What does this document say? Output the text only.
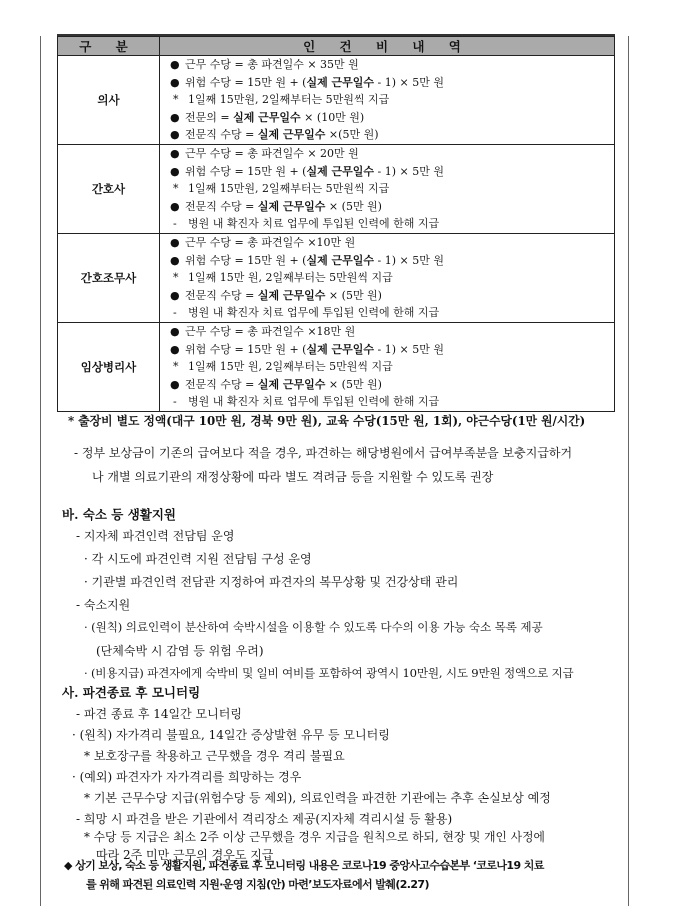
구 분	인 건 비 내 역
의사	● 근무 수당 = 총 파견일수 × 35만 원
● 위험 수당 = 15만 원 + (실제 근무일수 - 1) × 5만 원
* 1일째 15만원, 2일째부터는 5만원씩 지급
● 전문의 = 실제 근무일수 × (10만 원)
● 전문직 수당 = 실제 근무일수 ×(5만 원)

간호사	● 근무 수당 = 총 파견일수 × 20만 원
● 위험 수당 = 15만 원 + (실제 근무일수 - 1) × 5만 원
* 1일째 15만원, 2일째부터는 5만원씩 지급
● 전문직 수당 = 실제 근무일수 × (5만 원)
- 병원 내 확진자 치료 업무에 투입된 인력에 한해 지급

간호조무사	● 근무 수당 = 총 파견일수 ×10만 원
● 위험 수당 = 15만 원 + (실제 근무일수 - 1) × 5만 원
* 1일째 15만 원, 2일째부터는 5만원씩 지급
● 전문직 수당 = 실제 근무일수 × (5만 원)
- 병원 내 확진자 치료 업무에 투입된 인력에 한해 지급

임상병리사	● 근무 수당 = 총 파견일수 ×18만 원
● 위험 수당 = 15만 원 + (실제 근무일수 - 1) × 5만 원
* 1일째 15만 원, 2일째부터는 5만원씩 지급
● 전문직 수당 = 실제 근무일수 × (5만 원)
- 병원 내 확진자 치료 업무에 투입된 인력에 한해 지급
* 출장비 별도 정액(대구 10만 원, 경북 9만 원), 교육 수당(15만 원, 1회), 야근수당(1만 원/시간)
- 정부 보상금이 기존의 급여보다 적을 경우, 파견하는 해당병원에서 급여부족분을 보충지급하거
나 개별 의료기관의 재정상황에 따라 별도 격려금 등을 지원할 수 있도록 권장
바. 숙소 등 생활지원
- 지자체 파견인력 전담팀 운영
· 각 시도에 파견인력 지원 전담팀 구성 운영
· 기관별 파견인력 전담관 지정하여 파견자의 복무상황 및 건강상태 관리
- 숙소지원
· (원칙) 의료인력이 분산하여 숙박시설을 이용할 수 있도록 다수의 이용 가능 숙소 목록 제공
(단체숙박 시 감염 등 위험 우려)
· (비용지급) 파견자에게 숙박비 및 일비 여비를 포함하여 광역시 10만원, 시도 9만원 정액으로 지급
사. 파견종료 후 모니터링
- 파견 종료 후 14일간 모니터링
· (원칙) 자가격리 불필요, 14일간 증상발현 유무 등 모니터링
* 보호장구를 착용하고 근무했을 경우 격리 불필요
· (예외) 파견자가 자가격리를 희망하는 경우
* 기본 근무수당 지급(위험수당 등 제외), 의료인력을 파견한 기관에는 추후 손실보상 예정
- 희망 시 파견을 받은 기관에서 격리장소 제공(지자체 격리시설 등 활용)
* 수당 등 지급은 최소 2주 이상 근무했을 경우 지급을 원칙으로 하되, 현장 및 개인 사정에
따라 2주 미만 근무의 경우도 지급
◆ 상기 보상, 숙소 등 생활지원, 파견종료 후 모니터링 내용은 코로나19 중앙사고수습본부 ‘코로나19 치료
를 위해 파견된 의료인력 지원·운영 지침(안) 마련’보도자료에서 발췌(2.27)
